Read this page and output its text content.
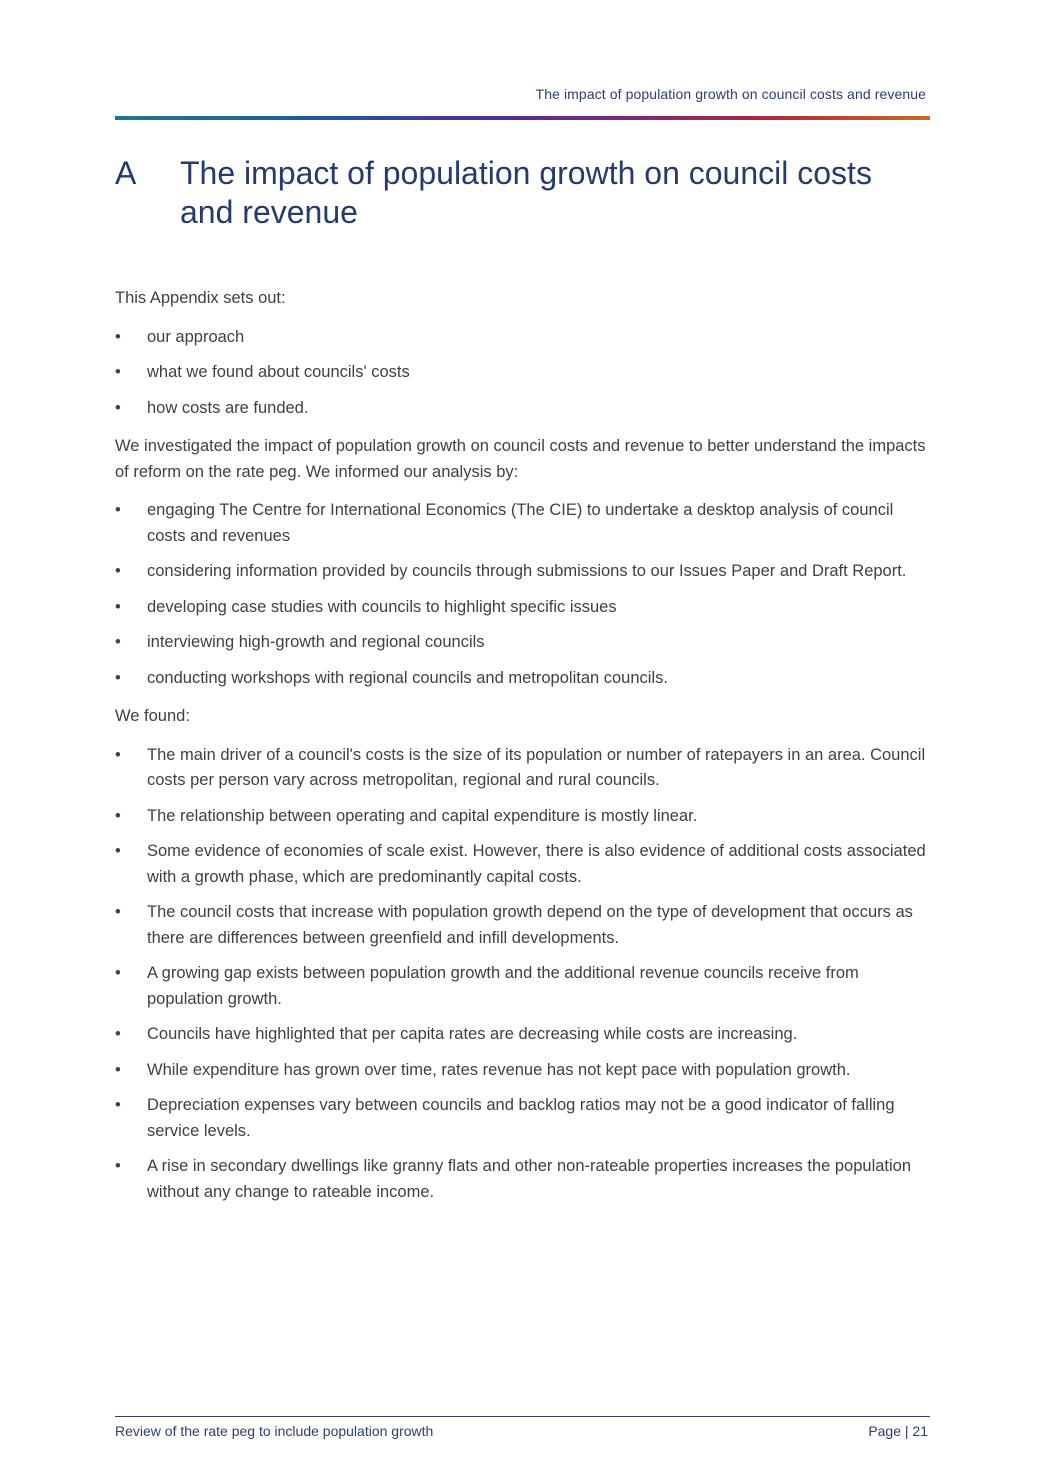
The impact of population growth on council costs and revenue
A	The impact of population growth on council costs and revenue

This Appendix sets out:

• our approach
• what we found about councils' costs
• how costs are funded.

We investigated the impact of population growth on council costs and revenue to better understand the impacts of reform on the rate peg. We informed our analysis by:

• engaging The Centre for International Economics (The CIE) to undertake a desktop analysis of council costs and revenues
• considering information provided by councils through submissions to our Issues Paper and Draft Report.
• developing case studies with councils to highlight specific issues
• interviewing high-growth and regional councils
• conducting workshops with regional councils and metropolitan councils.

We found:

• The main driver of a council's costs is the size of its population or number of ratepayers in an area. Council costs per person vary across metropolitan, regional and rural councils.
• The relationship between operating and capital expenditure is mostly linear.
• Some evidence of economies of scale exist. However, there is also evidence of additional costs associated with a growth phase, which are predominantly capital costs.
• The council costs that increase with population growth depend on the type of development that occurs as there are differences between greenfield and infill developments.
• A growing gap exists between population growth and the additional revenue councils receive from population growth.
• Councils have highlighted that per capita rates are decreasing while costs are increasing.
• While expenditure has grown over time, rates revenue has not kept pace with population growth.
• Depreciation expenses vary between councils and backlog ratios may not be a good indicator of falling service levels.
• A rise in secondary dwellings like granny flats and other non-rateable properties increases the population without any change to rateable income.
Review of the rate peg to include population growth	Page | 21
